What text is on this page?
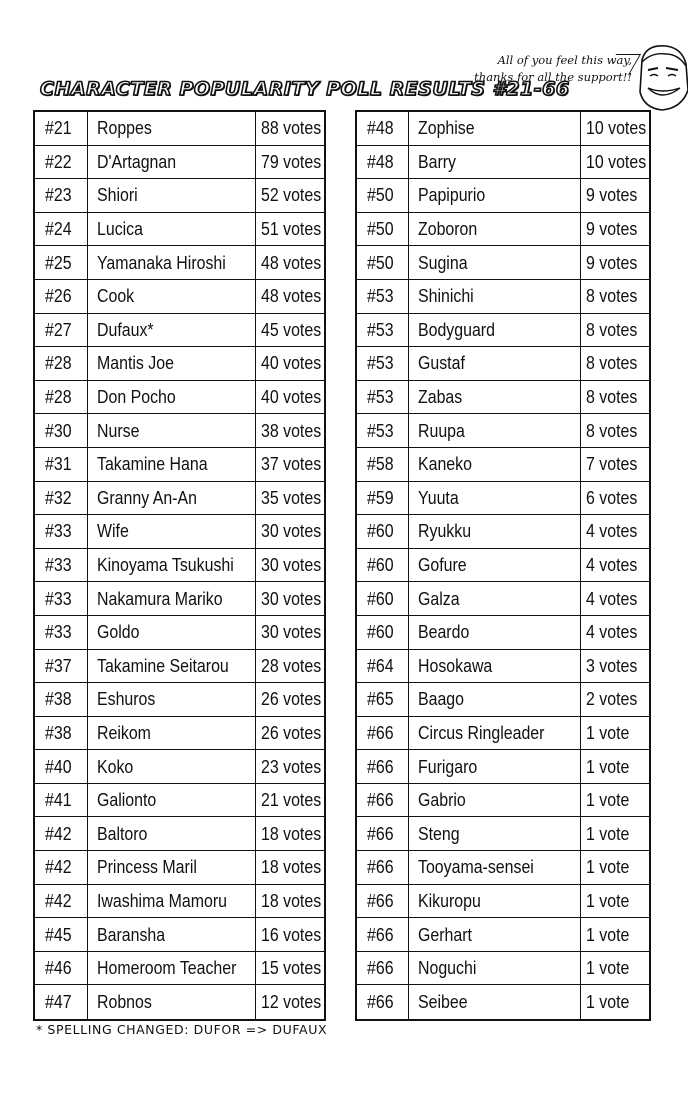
CHARACTER POPULARITY POLL RESULTS #21-66
All of you feel this way,
thanks for all the support!!
#21 Roppes	88 votes
#22 D'Artagnan	79 votes
#23 Shiori	52 votes
#24 Lucica	51 votes
#25 Yamanaka Hiroshi 48 votes
#26 Cook	48 votes
#27 Dufaux*	45 votes
#28 Mantis Joe	40 votes
#28 Don Pocho	40 votes
#30 Nurse	38 votes
#31 Takamine Hana	37 votes
#32 Granny An-An	35 votes
#33 Wife	30 votes
#33 Kinoyama Tsukushi 30 votes
#33 Nakamura Mariko 30 votes
#33 Goldo	30 votes
#37 Takamine Seitarou 28 votes
#38 Eshuros	26 votes
#38 Reikom	26 votes
#40 Koko	23 votes
#41 Galionto	21 votes
#42 Baltoro	18 votes
#42 Princess Maril	18 votes
#42 Iwashima Mamoru 18 votes
#45 Baransha	16 votes
#46 Homeroom Teacher 15 votes
#47 Robnos	12 votes
#48 Zophise	10 votes
#48 Barry	10 votes
#50 Papipurio	9 votes
#50 Zoboron	9 votes
#50 Sugina	9 votes
#53 Shinichi	8 votes
#53 Bodyguard	8 votes
#53 Gustaf	8 votes
#53 Zabas	8 votes
#53 Ruupa	8 votes
#58 Kaneko	7 votes
#59 Yuuta	6 votes
#60 Ryukku	4 votes
#60 Gofure	4 votes
#60 Galza	4 votes
#60 Beardo	4 votes
#64 Hosokawa	3 votes
#65 Baago	2 votes
#66 Circus Ringleader 1 vote
#66 Furigaro	1 vote
#66 Gabrio	1 vote
#66 Steng	1 vote
#66 Tooyama-sensei	1 vote
#66 Kikuropu	1 vote
#66 Gerhart	1 vote
#66 Noguchi	1 vote
#66 Seibee	1 vote
* SPELLING CHANGED: DUFOR => DUFAUX
